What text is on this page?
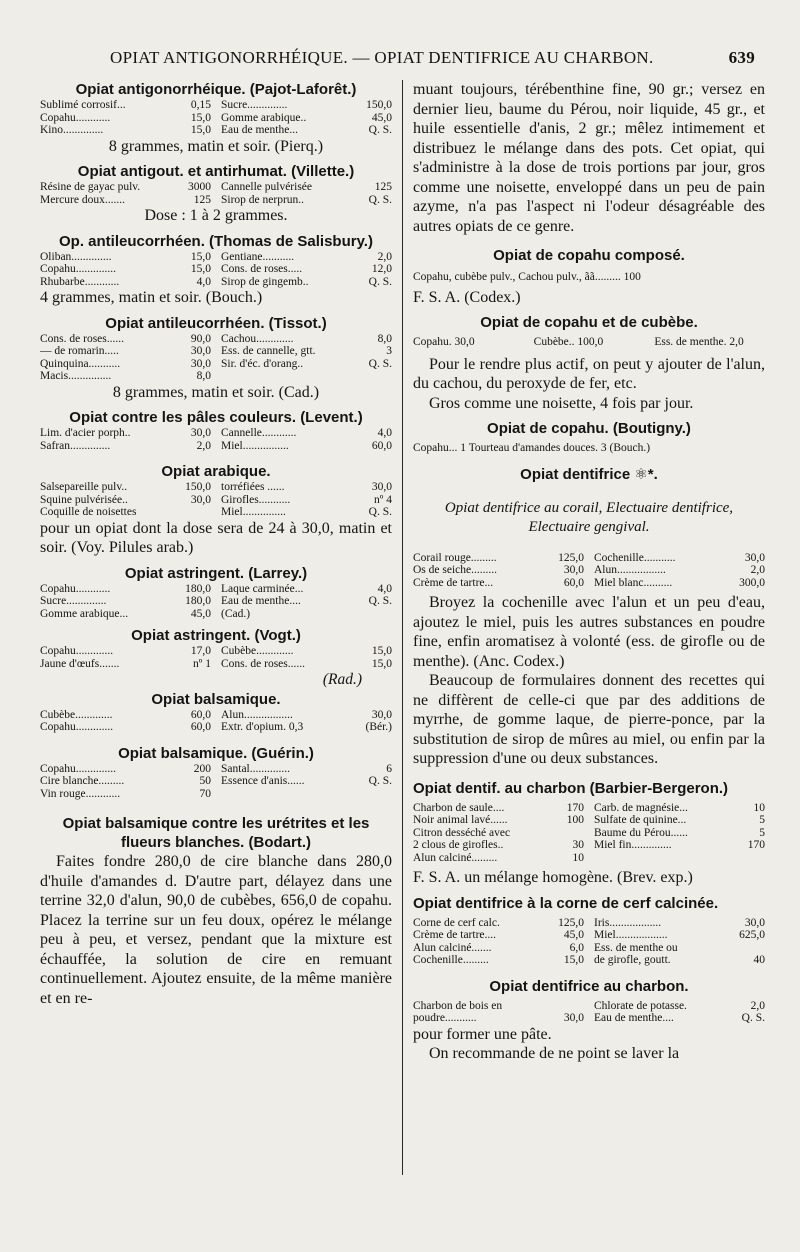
OPIAT ANTIGONORRHÉIQUE. — OPIAT DENTIFRICE AU CHARBON.	639

Opiat antigonorrhéique. (Pajot-Laforêt.)

Sublimé corrosif...	0,15 Sucre..............	150,0
Copahu............	15,0 Gomme arabique..	45,0
Kino..............	15,0 Eau de menthe...	Q. S.

8 grammes, matin et soir. (Pierq.)

Opiat antigout. et antirhumat. (Villette.)

Résine de gayac pulv.	3000 Cannelle pulvérisée	125
Mercure doux.......	125 Sirop de nerprun..	Q. S.

Dose : 1 à 2 grammes.

Op. antileucorrhéen. (Thomas de Salisbury.)

Oliban..............	15,0 Gentiane...........	2,0
Copahu..............	15,0 Cons. de roses.....	12,0
Rhubarbe............	4,0 Sirop de gingemb..	Q. S.

4 grammes, matin et soir. (Bouch.)

Opiat antileucorrhéen. (Tissot.)

Cons. de roses......	90,0 Cachou.............	8,0
— de romarin.....	30,0 Ess. de cannelle, gtt.	3
Quinquina...........	30,0 Sir. d'éc. d'orang..	Q. S.
Macis...............	8,0

8 grammes, matin et soir. (Cad.)

Opiat contre les pâles couleurs. (Levent.)

Lim. d'acier porph..	30,0 Cannelle............	4,0
Safran..............	2,0 Miel................	60,0

Opiat arabique.

Salsepareille pulv..	150,0 torréfiées ......	30,0
Squine pulvérisée..	30,0 Girofles...........	nº 4
Coquille de noisettes	Miel...............	Q. S.

pour un opiat dont la dose sera de 24 à 30,0, matin et soir. (Voy. Pilules arab.)

Opiat astringent. (Larrey.)

Copahu............	180,0 Laque carminée...	4,0
Sucre..............	180,0 Eau de menthe....	Q. S.
Gomme arabique...	45,0 (Cad.)

Opiat astringent. (Vogt.)

Copahu.............	17,0 Cubèbe.............	15,0
Jaune d'œufs.......	nº 1 Cons. de roses......	15,0

(Rad.)

Opiat balsamique.

Cubèbe.............	60,0 Alun.................	30,0
Copahu.............	60,0 Extr. d'opium. 0,3	(Bér.)

Opiat balsamique. (Guérin.)

Copahu..............	200 Santal..............	6
Cire blanche.........	50 Essence d'anis......	Q. S.
Vin rouge............	70

Opiat balsamique contre les urétrites et les flueurs blanches. (Bodart.)

Faites fondre 280,0 de cire blanche dans 280,0 d'huile d'amandes d. D'autre part, délayez dans une terrine 32,0 d'alun, 90,0 de cubèbes, 656,0 de copahu. Placez la terrine sur un feu doux, opérez le mélange peu à peu, et versez, pendant que la mixture est échauffée, la solution de cire en remuant continuellement. Ajoutez ensuite, de la même manière et en re-

muant toujours, térébenthine fine, 90 gr.; versez en dernier lieu, baume du Pérou, noir liquide, 45 gr., et huile essentielle d'anis, 2 gr.; mêlez intimement et distribuez le mélange dans des pots. Cet opiat, qui s'administre à la dose de trois portions par jour, gros comme une noisette, enveloppé dans un peu de pain azyme, n'a pas l'aspect ni l'odeur désagréable des autres opiats de ce genre.

Opiat de copahu composé.

Copahu, cubèbe pulv., Cachou pulv., ãã......... 100

F. S. A. (Codex.)

Opiat de copahu et de cubèbe.

Copahu. 30,0	Cubèbe.. 100,0	Ess. de menthe. 2,0

Pour le rendre plus actif, on peut y ajouter de l'alun, du cachou, du peroxyde de fer, etc.

Gros comme une noisette, 4 fois par jour.

Opiat de copahu. (Boutigny.)

Copahu... 1 Tourteau d'amandes douces. 3 (Bouch.)

Opiat dentifrice ⚛*.

Opiat dentifrice au corail, Electuaire dentifrice, Electuaire gengival.

Corail rouge.........	125,0 Cochenille...........	30,0
Os de seiche.........	30,0 Alun.................	2,0
Crème de tartre...	60,0 Miel blanc..........	300,0

Broyez la cochenille avec l'alun et un peu d'eau, ajoutez le miel, puis les autres substances en poudre fine, enfin aromatisez à volonté (ess. de girofle ou de menthe). (Anc. Codex.)

Beaucoup de formulaires donnent des recettes qui ne diffèrent de celle-ci que par des additions de myrrhe, de gomme laque, de pierre-ponce, par la substitution de sirop de mûres au miel, ou enfin par la suppression d'une ou deux substances.

Opiat dentif. au charbon (Barbier-Bergeron.)

Charbon de saule....	170 Carb. de magnésie...	10
Noir animal lavé......	100 Sulfate de quinine...	5
Citron desséché avec	Baume du Pérou......	5
2 clous de girofles..	30 Miel fin..............	170
Alun calciné.........	10

F. S. A. un mélange homogène. (Brev. exp.)

Opiat dentifrice à la corne de cerf calcinée.

Corne de cerf calc.	125,0 Iris..................	30,0
Crème de tartre....	45,0 Miel..................	625,0
Alun calciné.......	6,0 Ess. de menthe ou
Cochenille.........	15,0 de girofle, goutt.	40

Opiat dentifrice au charbon.

Charbon de bois en	Chlorate de potasse.	2,0
poudre...........	30,0 Eau de menthe....	Q. S.

pour former une pâte.

On recommande de ne point se laver la
